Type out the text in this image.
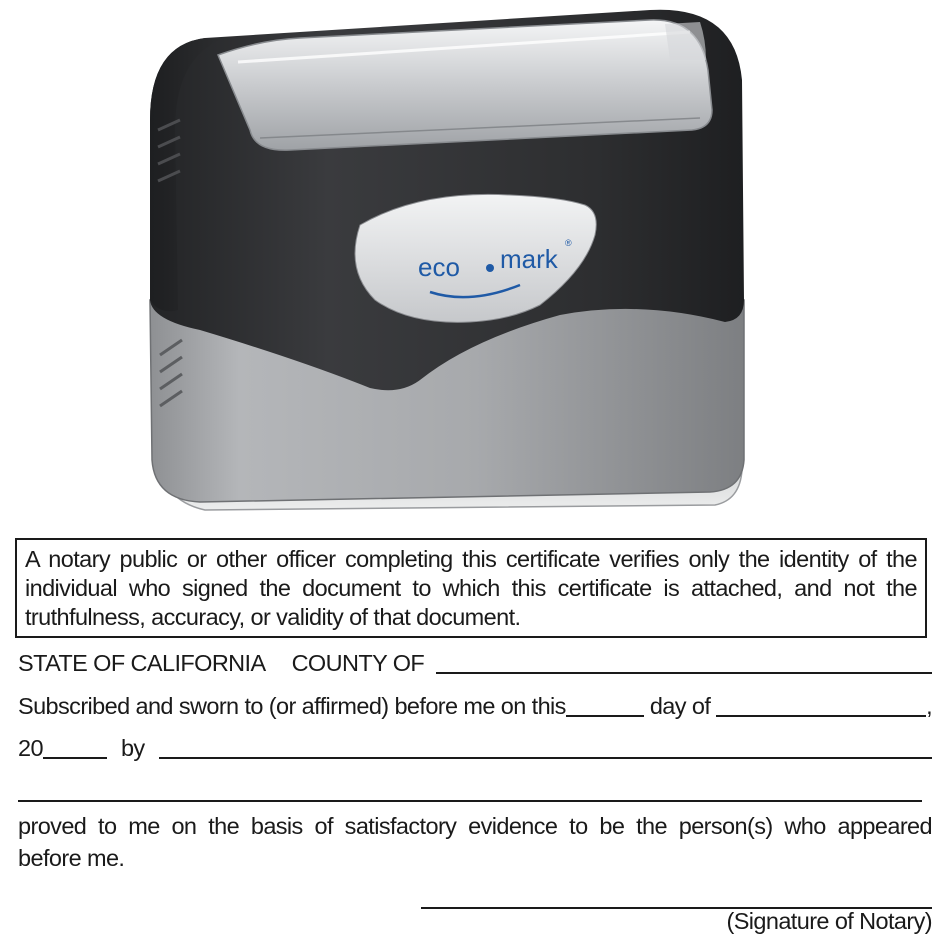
eco mark
®
A notary public or other officer completing this certificate verifies only the identity of the
individual who signed the document to which this certificate is attached, and not the
truthfulness, accuracy, or validity of that document.
STATE OF CALIFORNIA COUNTY OF
Subscribed and sworn to (or affirmed) before me on this	day of	,
20	by
proved to me on the basis of satisfactory evidence to be the person(s) who appeared
before me.
(Signature of Notary)
